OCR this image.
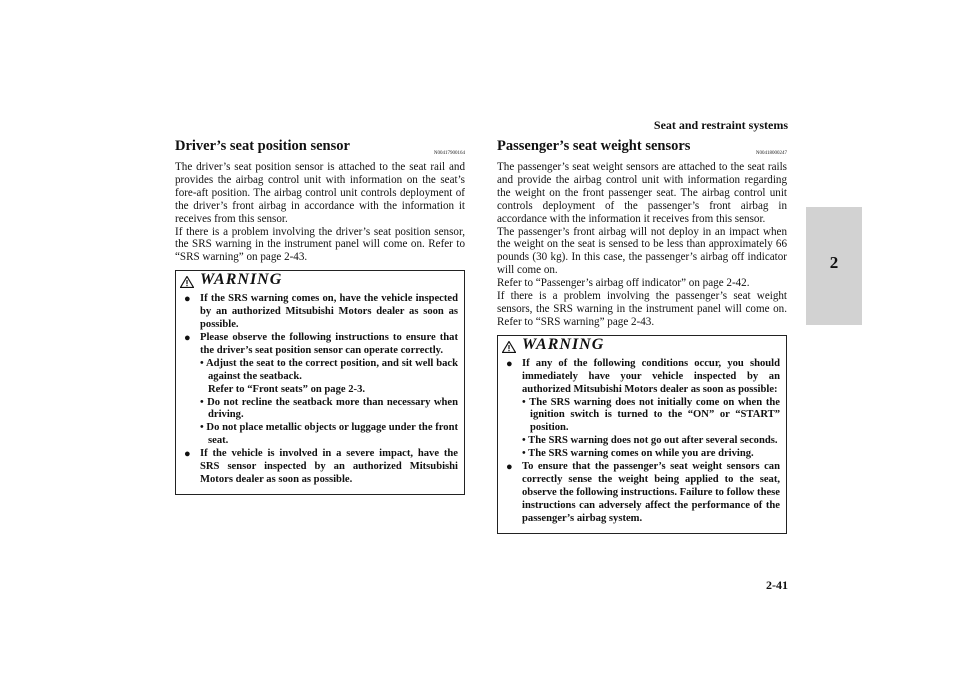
Seat and restraint systems
2
Driver’s seat position sensor	N00417900164

The driver’s seat position sensor is attached to the seat rail and provides the airbag control unit with information on the seat’s fore-aft position. The airbag control unit controls deployment of the driver’s front airbag in accordance with the information it receives from this sensor.

If there is a problem involving the driver’s seat position sensor, the SRS warning in the instrument panel will come on. Refer to “SRS warning” on page 2-43.

WARNING
● If the SRS warning comes on, have the vehicle inspected by an authorized Mitsubishi Motors dealer as soon as possible.
● Please observe the following instructions to ensure that the driver’s seat position sensor can operate correctly.
• Adjust the seat to the correct position, and sit well back against the seatback.
Refer to “Front seats” on page 2-3.
• Do not recline the seatback more than necessary when driving.
• Do not place metallic objects or luggage under the front seat.
● If the vehicle is involved in a severe impact, have the SRS sensor inspected by an authorized Mitsubishi Motors dealer as soon as possible.
Passenger’s seat weight sensors	N00418000247

The passenger’s seat weight sensors are attached to the seat rails and provide the airbag control unit with information regarding the weight on the front passenger seat. The airbag control unit controls deployment of the passenger’s front airbag in accordance with the information it receives from this sensor.

The passenger’s front airbag will not deploy in an impact when the weight on the seat is sensed to be less than approximately 66 pounds (30 kg). In this case, the passenger’s airbag off indicator will come on.

Refer to “Passenger’s airbag off indicator” on page 2-42.

If there is a problem involving the passenger’s seat weight sensors, the SRS warning in the instrument panel will come on. Refer to “SRS warning” page 2-43.

WARNING
● If any of the following conditions occur, you should immediately have your vehicle inspected by an authorized Mitsubishi Motors dealer as soon as possible:
• The SRS warning does not initially come on when the ignition switch is turned to the “ON” or “START” position.
• The SRS warning does not go out after several seconds.
• The SRS warning comes on while you are driving.
● To ensure that the passenger’s seat weight sensors can correctly sense the weight being applied to the seat, observe the following instructions. Failure to follow these instructions can adversely affect the performance of the passenger’s airbag system.
2-41
